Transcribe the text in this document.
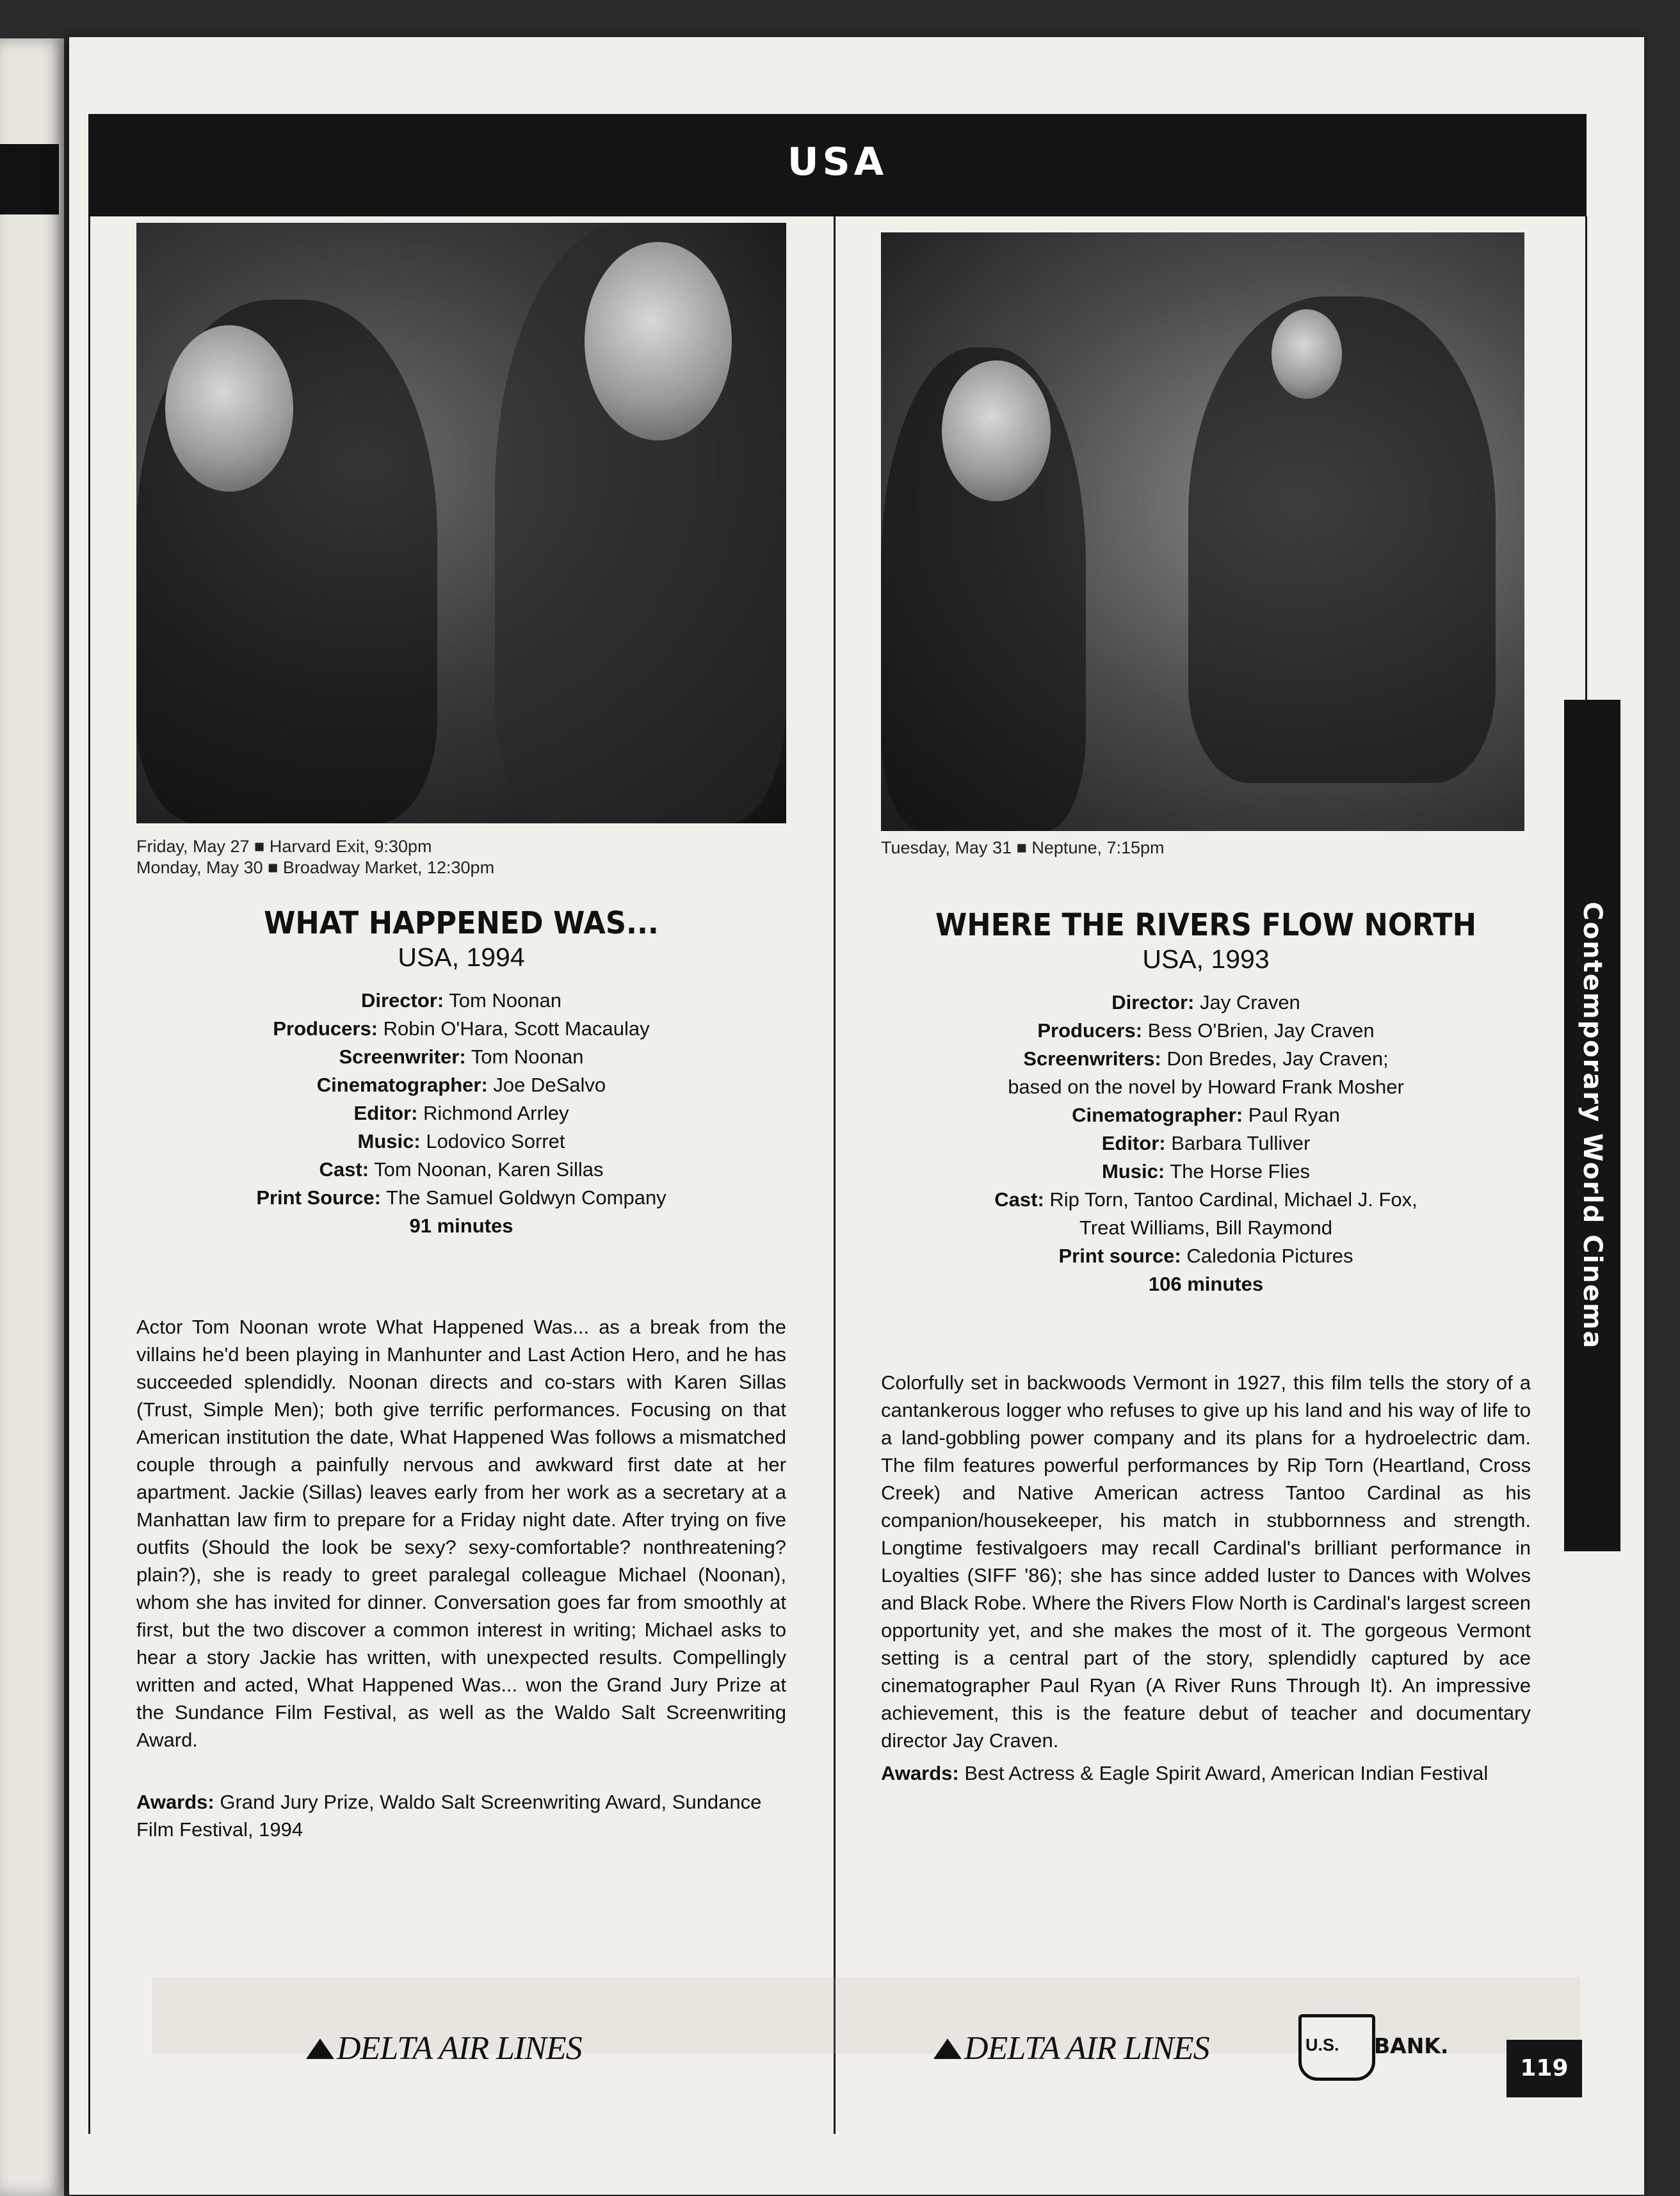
USA
Friday, May 27 ■ Harvard Exit, 9:30pm
Monday, May 30 ■ Broadway Market, 12:30pm
WHAT HAPPENED WAS...
USA, 1994
Director: Tom Noonan
Producers: Robin O'Hara, Scott Macaulay
Screenwriter: Tom Noonan
Cinematographer: Joe DeSalvo
Editor: Richmond Arrley
Music: Lodovico Sorret
Cast: Tom Noonan, Karen Sillas
Print Source: The Samuel Goldwyn Company
91 minutes

Actor Tom Noonan wrote What Happened Was... as a break from the villains he'd been playing in Manhunter and Last Action Hero, and he has succeeded splendidly. Noonan directs and co-stars with Karen Sillas (Trust, Simple Men); both give terrific performances. Focusing on that American institution the date, What Happened Was follows a mismatched couple through a painfully nervous and awkward first date at her apartment. Jackie (Sillas) leaves early from her work as a secretary at a Manhattan law firm to prepare for a Friday night date. After trying on five outfits (Should the look be sexy? sexy-comfortable? nonthreatening? plain?), she is ready to greet paralegal colleague Michael (Noonan), whom she has invited for dinner. Conversation goes far from smoothly at first, but the two discover a common interest in writing; Michael asks to hear a story Jackie has written, with unexpected results. Compellingly written and acted, What Happened Was... won the Grand Jury Prize at the Sundance Film Festival, as well as the Waldo Salt Screenwriting Award.

Awards: Grand Jury Prize, Waldo Salt Screenwriting Award, Sundance Film Festival, 1994

Tuesday, May 31 ■ Neptune, 7:15pm
WHERE THE RIVERS FLOW NORTH
USA, 1993
Director: Jay Craven
Producers: Bess O'Brien, Jay Craven
Screenwriters: Don Bredes, Jay Craven;
based on the novel by Howard Frank Mosher
Cinematographer: Paul Ryan
Editor: Barbara Tulliver
Music: The Horse Flies
Cast: Rip Torn, Tantoo Cardinal, Michael J. Fox,
Treat Williams, Bill Raymond
Print source: Caledonia Pictures
106 minutes

Colorfully set in backwoods Vermont in 1927, this film tells the story of a cantankerous logger who refuses to give up his land and his way of life to a land-gobbling power company and its plans for a hydroelectric dam. The film features powerful performances by Rip Torn (Heartland, Cross Creek) and Native American actress Tantoo Cardinal as his companion/housekeeper, his match in stubbornness and strength. Longtime festivalgoers may recall Cardinal's brilliant performance in Loyalties (SIFF '86); she has since added luster to Dances with Wolves and Black Robe. Where the Rivers Flow North is Cardinal's largest screen opportunity yet, and she makes the most of it. The gorgeous Vermont setting is a central part of the story, splendidly captured by ace cinematographer Paul Ryan (A River Runs Through It). An impressive achievement, this is the feature debut of teacher and documentary director Jay Craven.

Awards: Best Actress & Eagle Spirit Award, American Indian Festival

DELTA AIR LINES	DELTA AIR LINES	U.S. BANK.
Contemporary World Cinema
119
